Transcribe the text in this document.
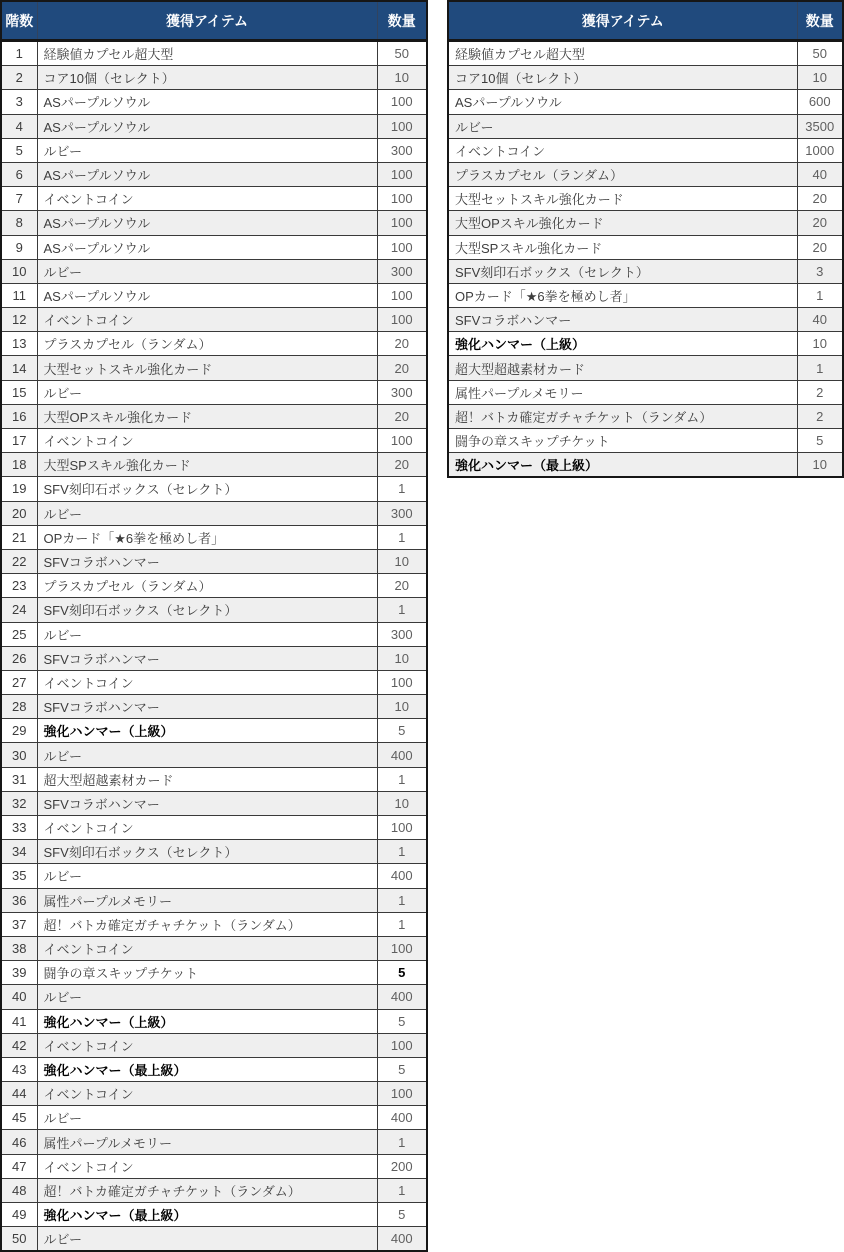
階数	獲得アイテム	数量
1	経験値カプセル超大型	50
2	コア10個（セレクト）	10
3	ASパープルソウル	100
4	ASパープルソウル	100
5	ルビー	300
6	ASパープルソウル	100
7	イベントコイン	100
8	ASパープルソウル	100
9	ASパープルソウル	100
10	ルビー	300
11	ASパープルソウル	100
12	イベントコイン	100
13	プラスカプセル（ランダム）	20
14	大型セットスキル強化カード	20
15	ルビー	300
16	大型OPスキル強化カード	20
17	イベントコイン	100
18	大型SPスキル強化カード	20
19	SFV刻印石ボックス（セレクト）	1
20	ルビー	300
21	OPカード「★6拳を極めし者」	1
22	SFVコラボハンマー	10
23	プラスカプセル（ランダム）	20
24	SFV刻印石ボックス（セレクト）	1
25	ルビー	300
26	SFVコラボハンマー	10
27	イベントコイン	100
28	SFVコラボハンマー	10
29	強化ハンマー（上級）	5
30	ルビー	400
31	超大型超越素材カード	1
32	SFVコラボハンマー	10
33	イベントコイン	100
34	SFV刻印石ボックス（セレクト）	1
35	ルビー	400
36	属性パープルメモリー	1
37	超！バトカ確定ガチャチケット（ランダム）	1
38	イベントコイン	100
39	闘争の章スキップチケット	5
40	ルビー	400
41	強化ハンマー（上級）	5
42	イベントコイン	100
43	強化ハンマー（最上級）	5
44	イベントコイン	100
45	ルビー	400
46	属性パープルメモリー	1
47	イベントコイン	200
48	超！バトカ確定ガチャチケット（ランダム）	1
49	強化ハンマー（最上級）	5
50	ルビー	400
獲得アイテム	数量
経験値カプセル超大型	50
コア10個（セレクト）	10
ASパープルソウル	600
ルビー	3500
イベントコイン	1000
プラスカプセル（ランダム）	40
大型セットスキル強化カード	20
大型OPスキル強化カード	20
大型SPスキル強化カード	20
SFV刻印石ボックス（セレクト）	3
OPカード「★6拳を極めし者」	1
SFVコラボハンマー	40
強化ハンマー（上級）	10
超大型超越素材カード	1
属性パープルメモリー	2
超！バトカ確定ガチャチケット（ランダム）	2
闘争の章スキップチケット	5
強化ハンマー（最上級）	10
